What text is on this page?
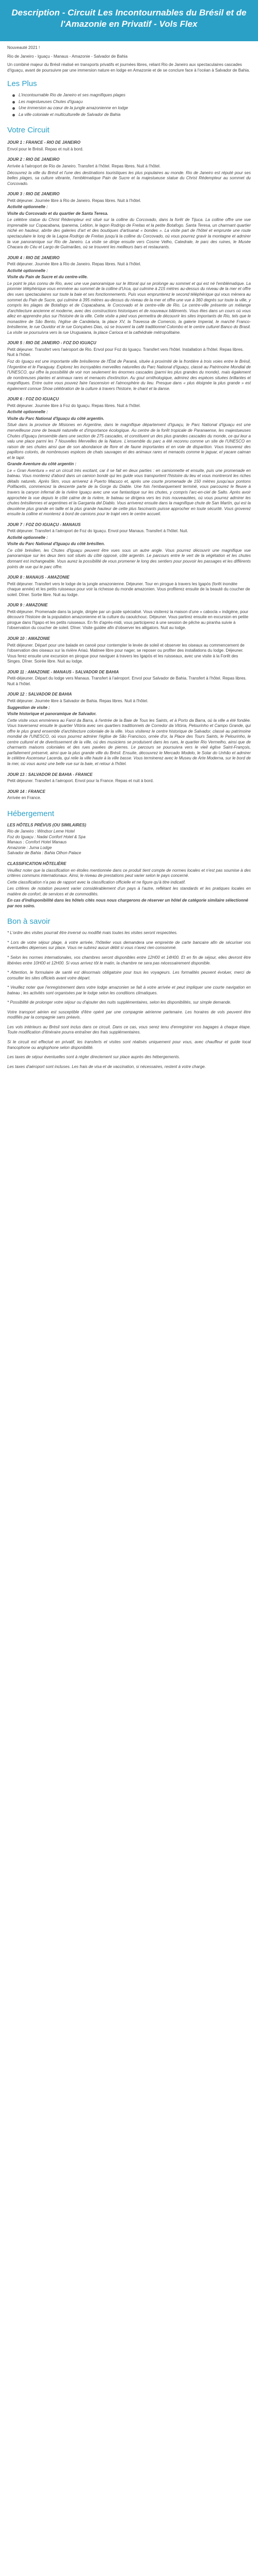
Description - Circuit Les Incontournables du Brésil et de l'Amazonie en Privatif - Vols Flex

Nouveauté 2021 !

Rio de Janeiro - Iguaçu - Manaus - Amazonie - Salvador de Bahia

Un combiné majeur du Brésil réalisé en transports privatifs et journées libres, reliant Rio de Janeiro aux spectaculaires cascades d'Iguaçu, avant de poursuivre par une immersion nature en lodge en Amazonie et de se conclure face à l'océan à Salvador de Bahia.

Les Plus
L'incontournable Rio de Janeiro et ses magnifiques plages
Les majestueuses Chutes d'Iguaçu
Une immersion au cœur de la jungle amazonienne en lodge
La ville coloniale et multiculturelle de Salvador de Bahia
Votre Circuit

JOUR 1 : FRANCE - RIO DE JANEIRO

Envol pour le Brésil. Repas et nuit à bord.

JOUR 2 : RIO DE JANEIRO

Arrivée à l'aéroport de Rio de Janeiro. Transfert à l'hôtel. Repas libres. Nuit à l'hôtel.

Découvrez la ville du Brésil et l'une des destinations touristiques les plus populaires au monde. Rio de Janeiro est réputé pour ses belles plages, sa culture vibrante, l'emblématique Pain de Sucre et la majestueuse statue du Christ Rédempteur au sommet du Corcovado.

JOUR 3 : RIO DE JANEIRO

Petit déjeuner. Journée libre à Rio de Janeiro. Repas libres. Nuit à l'hôtel.

Activité optionnelle :

Visite du Corcovado et du quartier de Santa Teresa.

Le célèbre statue du Christ Rédempteur est situé sur la colline du Corcovado, dans la forêt de Tijuca. La colline offre une vue imprenable sur Copacabana, Ipanema, Leblon, le lagon Rodrigo de Freitas et la petite Botafogo. Santa Teresa, un charmant quartier niché en hauteur, abrite des galeries d'art et des boutiques d'artisanat « bondes ». La visite part de l'hôtel et emprunte une route spectaculaire le long de la Lagoa Rodrigo de Freitas jusqu'à la colline du Corcovado, où vous pourrez gravir la montagne et admirer la vue panoramique sur Rio de Janeiro. La visite se dirige ensuite vers Cosme Velho, Catedrale, le parc des ruines, le Musée Chacara do Céu et Largo de Guimarães, où se trouvent les meilleurs bars et restaurants.

JOUR 4 : RIO DE JANEIRO

Petit déjeuner. Journée libre à Rio de Janeiro. Repas libres. Nuit à l'hôtel.

Activité optionnelle :

Visite du Pain de Sucre et du centre-ville.

Le point le plus connu de Rio, avec une vue panoramique sur le littoral qui se prolonge au sommet et qui est né l'emblématique. La pionnier téléphérique vous emmène au sommet de la colline d'Urca, qui culmine à 215 mètres au-dessus du niveau de la mer et offre des vues spectaculaires sur toute la baie et ses fonctionnements. Puis vous emprunterez le second téléphérique qui vous mènera au sommet du Pain de Sucre, qui culmine à 395 mètres au-dessus du niveau de la mer et offre une vue à 360 degrés sur toute la ville, y compris les plages de Botafogo et de Copacabana, le Corcovado et le centre-ville de Rio. Le centre-ville présente un mélange d'architecture ancienne et moderne, avec des constructions historiques et de nouveaux bâtiments. Vous êtes dans un cours où vous allez en apprendre plus sur l'histoire de la ville. Cette visite a pied vous permettra de découvrir les sites importants de Rio, tels que le monastère de São Bento, l'église de Candelaria, la place XV, la Travessa de Comercio, la galerie Imperial, le marché Franco-brésilienne, le rue Ouvidor et le rue Gonçalves Dias, où se trouvent la café traditionnel Colombo et le centre culturel Banco do Brasil. La visite se poursuivra vers la rue Uruguaiana, la place Carioca et la cathédrale métropolitaine.

JOUR 5 : RIO DE JANEIRO - FOZ DO IGUAÇU

Petit déjeuner. Transfert vers l'aéroport de Rio. Envol pour Foz do Iguaçu. Transfert vers l'hôtel. Installation à l'hôtel. Repas libres. Nuit à l'hôtel.

Foz do Iguaçu est une importante ville brésilienne de l'État de Paraná, située à proximité de la frontière à trois voies entre le Brésil, l'Argentine et le Paraguay. Explorez les incroyables merveilles naturelles du Parc National d'Iguaçu, classé au Patrimoine Mondial de l'UNESCO, qui offre la possibilité de voir non seulement les énormes cascades (parmi les plus grandes du monde), mais également de nombreuses plantes et animaux rares et menacés d'extinction. Au gout ornithologique, admirez des espèces situées brillantes et magnifiques. Entre outre vous pouvez faire l'ascension et l'atmosphère du lieu. Presque dans « plus éloignée la plus grande » est également connue Show célébration de la culture à travers l'histoire, le chant et la danse.

JOUR 6 : FOZ DO IGUAÇU

Petit déjeuner. Journée libre à Foz do Iguaçu. Repas libres. Nuit à l'hôtel.

Activité optionnelle :

Visite du Parc National d'Iguaçu du côté argentin.

Situé dans la province de Misiones en Argentine, dans le magnifique département d'Iguaçu, le Parc National d'Iguaçu est une merveilleuse zone de beauté naturelle et d'importance écologique. Au centre de la forêt tropicale de Paranaense, les majestueuses Chutes d'Iguaçu (ensemble dans une section de 275 cascades, et constituent un des plus grandes cascades du monde, ce qui leur a valu une place parmi les 7 Nouvelles Merveilles de la Nature. L'ensemble du parc a été reconnu comme un site de l'UNESCO en raison de ses chutes ainsi que de son abondance de flore et de faune importantes et en voie de disparition. Vous trouverez des papillons colorés, de nombreuses espèces de chats sauvages et des animaux rares et menacés comme le jaguar, el yacare caiman et le tapir.

Grande Aventure du côté argentin :

Le « Gran Aventura » est un circuit très excitant, car il se fait en deux parties : en camionnette et ensuite, puis une promenade en bateau. Vous monterez d'abord dans un camion bondé qui les guide vous transportent l'histoire du lieu et vous montreront les riches détails naturels. Après 5km, vous arriverez à Puerto Macuco et, après une courte promenade de 150 mètres jusqu'aux pontons Polifacetis, commencez la descente parte de la Gorge du Diable. Une fois l'embarquement terminé, vous parcourez le fleuve à travers la canyon infernal de la rivière Iguaçu avec une vue fantastique sur les chutes, y compris l'arc-en-ciel de Salto. Après avoir approchée la vue depuis le côté calme de la rivière, le bateau se dirigera vers les trois nouveautées, où vous pourrez admirer les chutes brésiliennes et argentines et la Garganta del Diablo. Vous arriverez ensuite dans la magnifique chute de San Martín, qui est la deuxième plus grande en taille et la plus grande hauteur de cette plus fascinants puisse approcher en toute sécurité. Vous groverez ensuite la colline et monterez à bord de camions pour le trajet vers le centre accueil.

JOUR 7 : FOZ DO IGUAÇU - MANAUS

Petit déjeuner. Transfert à l'aéroport de Foz do Iguaçu. Envol pour Manaus. Transfert à l'hôtel. Nuit.

Activité optionnelle :

Visite du Parc National d'Iguaçu du côté brésilien.

Ce côté brésilien, les Chutes d'Iguaçu peuvent être vues sous un autre angle. Vous pourrez découvrir une magnifique vue panoramique sur les deux tiers soit situés du côté opposé, côté argentin. Le parcours entre le vert de la végétation et les chutes donnant est inchangeable. Vous aurez la possibilité de vous promener le long des sentiers pour pouvoir les passages et les différents points de vue qui le parc offre.

JOUR 8 : MANAUS - AMAZONIE

Petit déjeuner. Transfert vers le lodge de la jungle amazonienne. Déjeuner. Tour en pirogue à travers les Igapós (forêt inondée chaque année) et les petits ruisseaux pour voir la richesse du monde amazonien. Vous profiterez ensuite de la beauté du coucher de soleil. Dîner. Sortie libre. Nuit au lodge.

JOUR 9 : AMAZONIE

Petit-déjeuner. Promenade dans la jungle, dirigée par un guide spécialisé. Vous visiterez la maison d'une « cabocla » indigène, pour découvrir l'histoire de la population amazonienne et la culture du caoutchouc. Déjeuner. Vous partirez ensuite en excursion en petite pirogue dans l'Igapo et les petits ruisseaux. En fin d'après-midi, vous participerez à une session de pêche au piranha suivie à l'observation du coucher de soleil. Dîner. Visite guidée afin d'observer les alligators. Nuit au lodge.

JOUR 10 : AMAZONIE

Petit déjeuner. Départ pour une balade en canoë pour contempler le levée de soleil et observer les oiseaux au commencement de l'observation des oiseaux sur la rivière Ariaú. Matinee libre pour nager, se reposer ou profiter des installations du lodge. Déjeuner. Vous ferez ensuite une excursion en pirogue pour naviguer à travers les Igapós et les ruisseaux, avec une visite à la Forêt des Singes. Dîner. Soirée libre. Nuit au lodge.

JOUR 11 : AMAZONIE - MANAUS - SALVADOR DE BAHIA

Petit-déjeuner. Départ du lodge vers Manaus. Transfert à l'aéroport. Envol pour Salvador de Bahia. Transfert à l'hôtel. Repas libres. Nuit à l'hôtel.

JOUR 12 : SALVADOR DE BAHIA

Petit déjeuner. Journée libre à Salvador de Bahia. Repas libres. Nuit à l'hôtel.

Suggestion de visite :

Visite historique et panoramique de Salvador.

Cette visite vous emmènera au Farol da Barra, à l'entrée de la Baie de Tous les Saints, et à Porto da Barra, où la ville a été fondée. Vous traverserez ensuite le quartier Vitória avec ses quartiers traditionnels de Corredor da Vitória, Pelourinho et Campo Grande, qui offre le plus grand ensemble d'architecture coloniale de la ville. Vous visiterez le centre historique de Salvador, classé au patrimoine mondial de l'UNESCO, où vous pourrez admirer l'église de São Francisco, ornée d'or, la Place des Tours Saints, le Pelourinho, le centre culturel et de divertissement de la ville, où des musiciens se produisent dans les rues, le quartier Rio Vermelho, ainsi que de charmants maisons coloniales et des rues pavées de pierres. Le parcours se poursuivra vers le vieil église Saint-François, parfaitement préservé, ainsi que la plus grande ville du Brésil. Ensuite, découvrez le Mercado Modelo, le Solar do Unhão et admirer le célèbre Ascenseur Lacerda, qui relie la ville haute à la ville basse. Vous terminerez avec le Museu de Arte Moderna, sur le bord de la mer, où vous aurez une belle vue sur la baie, et retour à l'hôtel.

JOUR 13 : SALVADOR DE BAHIA - FRANCE

Petit déjeuner. Transfert à l'aéroport. Envol pour la France. Repas et nuit à bord.

JOUR 14 : FRANCE

Arrivée en France.

Hébergement

LES HÔTELS PRÉVUS (OU SIMILAIRES)

Rio de Janeiro : Windsor Leme Hotel

Foz do Iguaçu : Nadai Confort Hotel & Spa

Manaus : Comfort Hotel Manaus

Amazonie : Juma Lodge

Salvador de Bahia : Bahia Othon Palace

CLASSIFICATION HÔTELIÈRE

Veuillez noter que la classification en étoiles mentionnée dans ce produit tient compte de normes locales et n'est pas soumise à des critères communs internationaux. Ainsi, le niveau de prestations peut varier selon le pays concerné.

Cette classification n'a pas de rapport avec la classification officielle et ne figure qu'à titre indicatif.

Les critères de notation peuvent varier considérablement d'un pays à l'autre, reflétant les standards et les pratiques locales en matière de confort, de services et de commodités.

En cas d'indisponibilité dans les hôtels cités nous nous chargerons de réserver un hôtel de catégorie similaire sélectionné par nos soins.

Bon à savoir

* L'ordre des visites pourrait être inversé ou modifié mais toutes les visites seront respectées.

* Lors de votre séjour plage, à votre arrivée, l'hôtelier vous demandera une empreinte de carte bancaire afin de sécuriser vos éventuelles dépenses sur place. Vous ne subirez aucun débit si vous n'avez rien consommé.

* Selon les normes internationales, vos chambres seront disponibles entre 12H00 et 14H00. Et en fin de séjour, elles devront être libérées entre 10H00 et 12H00. Si vous arrivez tôt le matin, la chambre ne sera pas nécessairement disponible.

* Attention, le formulaire de santé est désormais obligatoire pour tous les voyageurs. Les formalités peuvent évoluer, merci de consulter les sites officiels avant votre départ.

* Veuillez noter que l'enregistrement dans votre lodge amazonien se fait à votre arrivée et peut impliquer une courte navigation en bateau ; les activités sont organisées par le lodge selon les conditions climatiques.

* Possibilité de prolonger votre séjour ou d'ajouter des nuits supplémentaires, selon les disponibilités, sur simple demande.

Votre transport aérien est susceptible d'être opéré par une compagnie aérienne partenaire. Les horaires de vols peuvent être modifiés par la compagnie sans préavis.

Les vols intérieurs au Brésil sont inclus dans ce circuit. Dans ce cas, vous serez tenu d'enregistrer vos bagages à chaque étape. Toute modification d'itinéraire pourra entraîner des frais supplémentaires.

Si le circuit est effectué en privatif, les transferts et visites sont réalisés uniquement pour vous, avec chauffeur et guide local francophone ou anglophone selon disponibilité.

Les taxes de séjour éventuelles sont à régler directement sur place auprès des hébergements.

Les taxes d'aéroport sont incluses. Les frais de visa et de vaccination, si nécessaires, restent à votre charge.
